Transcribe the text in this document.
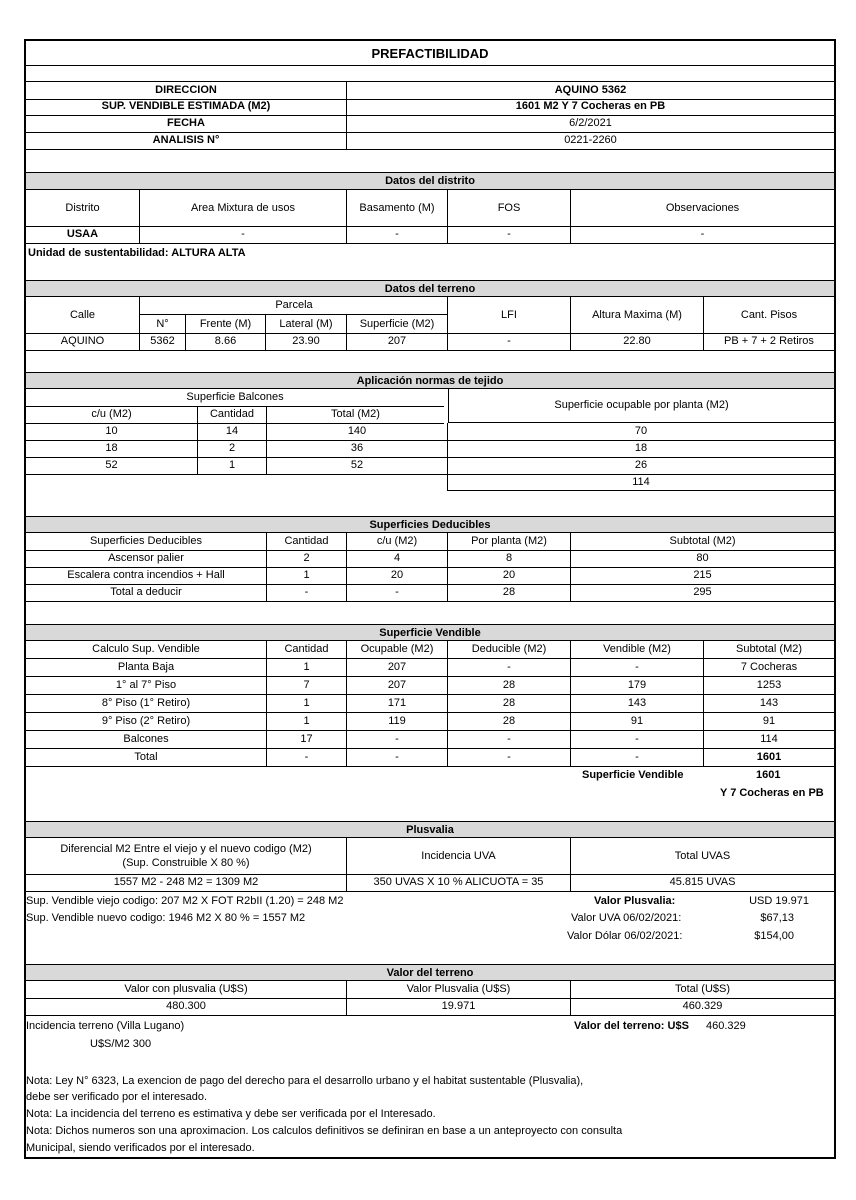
PREFACTIBILIDAD
DIRECCION	AQUINO 5362
SUP. VENDIBLE ESTIMADA (M2)	1601 M2 Y 7 Cocheras en PB
FECHA	6/2/2021
ANALISIS N°	0221-2260
Datos del distrito
Distrito	Area Mixtura de usos	Basamento (M)	FOS	Observaciones
USAA	-	-	-	-
Unidad de sustentabilidad: ALTURA ALTA
Datos del terreno
Calle
Parcela
N°	Frente (M)	Lateral (M)	Superficie (M2)
LFI	Altura Maxima (M)	Cant. Pisos
AQUINO	5362	8.66	23.90	207	-	22.80	PB + 7 + 2 Retiros
Aplicación normas de tejido
Superficie Balcones
Superficie ocupable por planta (M2)
c/u (M2)	Cantidad	Total (M2)
10	14	140	70
18	2	36	18
52	1	52	26
114
Superficies Deducibles
Superficies Deducibles	Cantidad	c/u (M2)	Por planta (M2)	Subtotal (M2)
Ascensor palier	2	4	8	80
Escalera contra incendios + Hall	1	20	20	215
Total a deducir	-	-	28	295
Superficie Vendible
Calculo Sup. Vendible	Cantidad	Ocupable (M2)	Deducible (M2)	Vendible (M2)	Subtotal (M2)
Planta Baja	1	207	-	-	7 Cocheras
1° al 7° Piso	7	207	28	179	1253
8° Piso (1° Retiro)	1	171	28	143	143
9° Piso (2° Retiro)	1	119	28	91	91
Balcones	17	-	-	-	114
Total	-	-	-	-	1601
Superficie Vendible	1601
Y 7 Cocheras en PB
Plusvalia
Diferencial M2 Entre el viejo y el nuevo codigo (M2)
(Sup. Construible X 80 %)
Incidencia UVA	Total UVAS
1557 M2 - 248 M2 = 1309 M2	350 UVAS X 10 % ALICUOTA = 35	45.815 UVAS
Sup. Vendible viejo codigo: 207 M2 X FOT R2bII (1.20) = 248 M2
Sup. Vendible nuevo codigo: 1946 M2 X 80 % = 1557 M2
Valor Plusvalia:	USD 19.971
Valor UVA 06/02/2021:	$67,13
Valor Dólar 06/02/2021:	$154,00
Valor del terreno
Valor con plusvalia (U$S)	Valor Plusvalia (U$S)	Total (U$S)
480.300	19.971	460.329
Incidencia terreno (Villa Lugano)
U$S/M2 300
Valor del terreno: U$S 460.329
Nota: Ley N° 6323, La exencion de pago del derecho para el desarrollo urbano y el habitat sustentable (Plusvalia),
debe ser verificado por el interesado.
Nota: La incidencia del terreno es estimativa y debe ser verificada por el Interesado.
Nota: Dichos numeros son una aproximacion. Los calculos definitivos se definiran en base a un anteproyecto con consulta
Municipal, siendo verificados por el interesado.
